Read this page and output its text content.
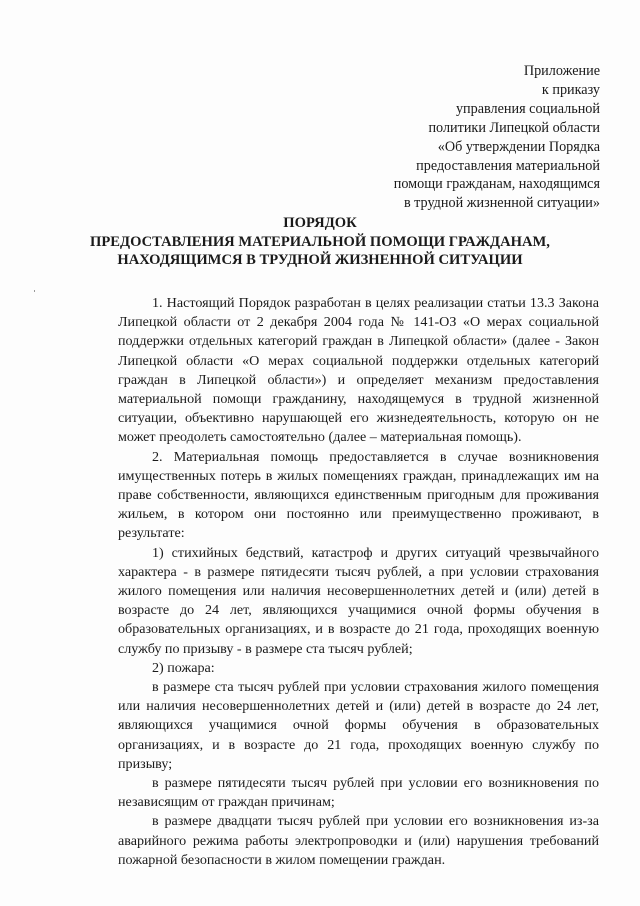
Приложение
к приказу
управления социальной
политики Липецкой области
«Об утверждении Порядка
предоставления материальной
помощи гражданам, находящимся
в трудной жизненной ситуации»
ПОРЯДОК
ПРЕДОСТАВЛЕНИЯ МАТЕРИАЛЬНОЙ ПОМОЩИ ГРАЖДАНАМ,
НАХОДЯЩИМСЯ В ТРУДНОЙ ЖИЗНЕННОЙ СИТУАЦИИ

1. Настоящий Порядок разработан в целях реализации статьи 13.3 Закона Липецкой области от 2 декабря 2004 года № 141-ОЗ «О мерах социальной поддержки отдельных категорий граждан в Липецкой области» (далее - Закон Липецкой области «О мерах социальной поддержки отдельных категорий граждан в Липецкой области») и определяет механизм предоставления материальной помощи гражданину, находящемуся в трудной жизненной ситуации, объективно нарушающей его жизнедеятельность, которую он не может преодолеть самостоятельно (далее – материальная помощь).

2. Материальная помощь предоставляется в случае возникновения имущественных потерь в жилых помещениях граждан, принадлежащих им на праве собственности, являющихся единственным пригодным для проживания жильем, в котором они постоянно или преимущественно проживают, в результате:

1) стихийных бедствий, катастроф и других ситуаций чрезвычайного характера - в размере пятидесяти тысяч рублей, а при условии страхования жилого помещения или наличия несовершеннолетних детей и (или) детей в возрасте до 24 лет, являющихся учащимися очной формы обучения в образовательных организациях, и в возрасте до 21 года, проходящих военную службу по призыву - в размере ста тысяч рублей;

2) пожара:

в размере ста тысяч рублей при условии страхования жилого помещения или наличия несовершеннолетних детей и (или) детей в возрасте до 24 лет, являющихся учащимися очной формы обучения в образовательных организациях, и в возрасте до 21 года, проходящих военную службу по призыву;

в размере пятидесяти тысяч рублей при условии его возникновения по независящим от граждан причинам;

в размере двадцати тысяч рублей при условии его возникновения из-за аварийного режима работы электропроводки и (или) нарушения требований пожарной безопасности в жилом помещении граждан.
